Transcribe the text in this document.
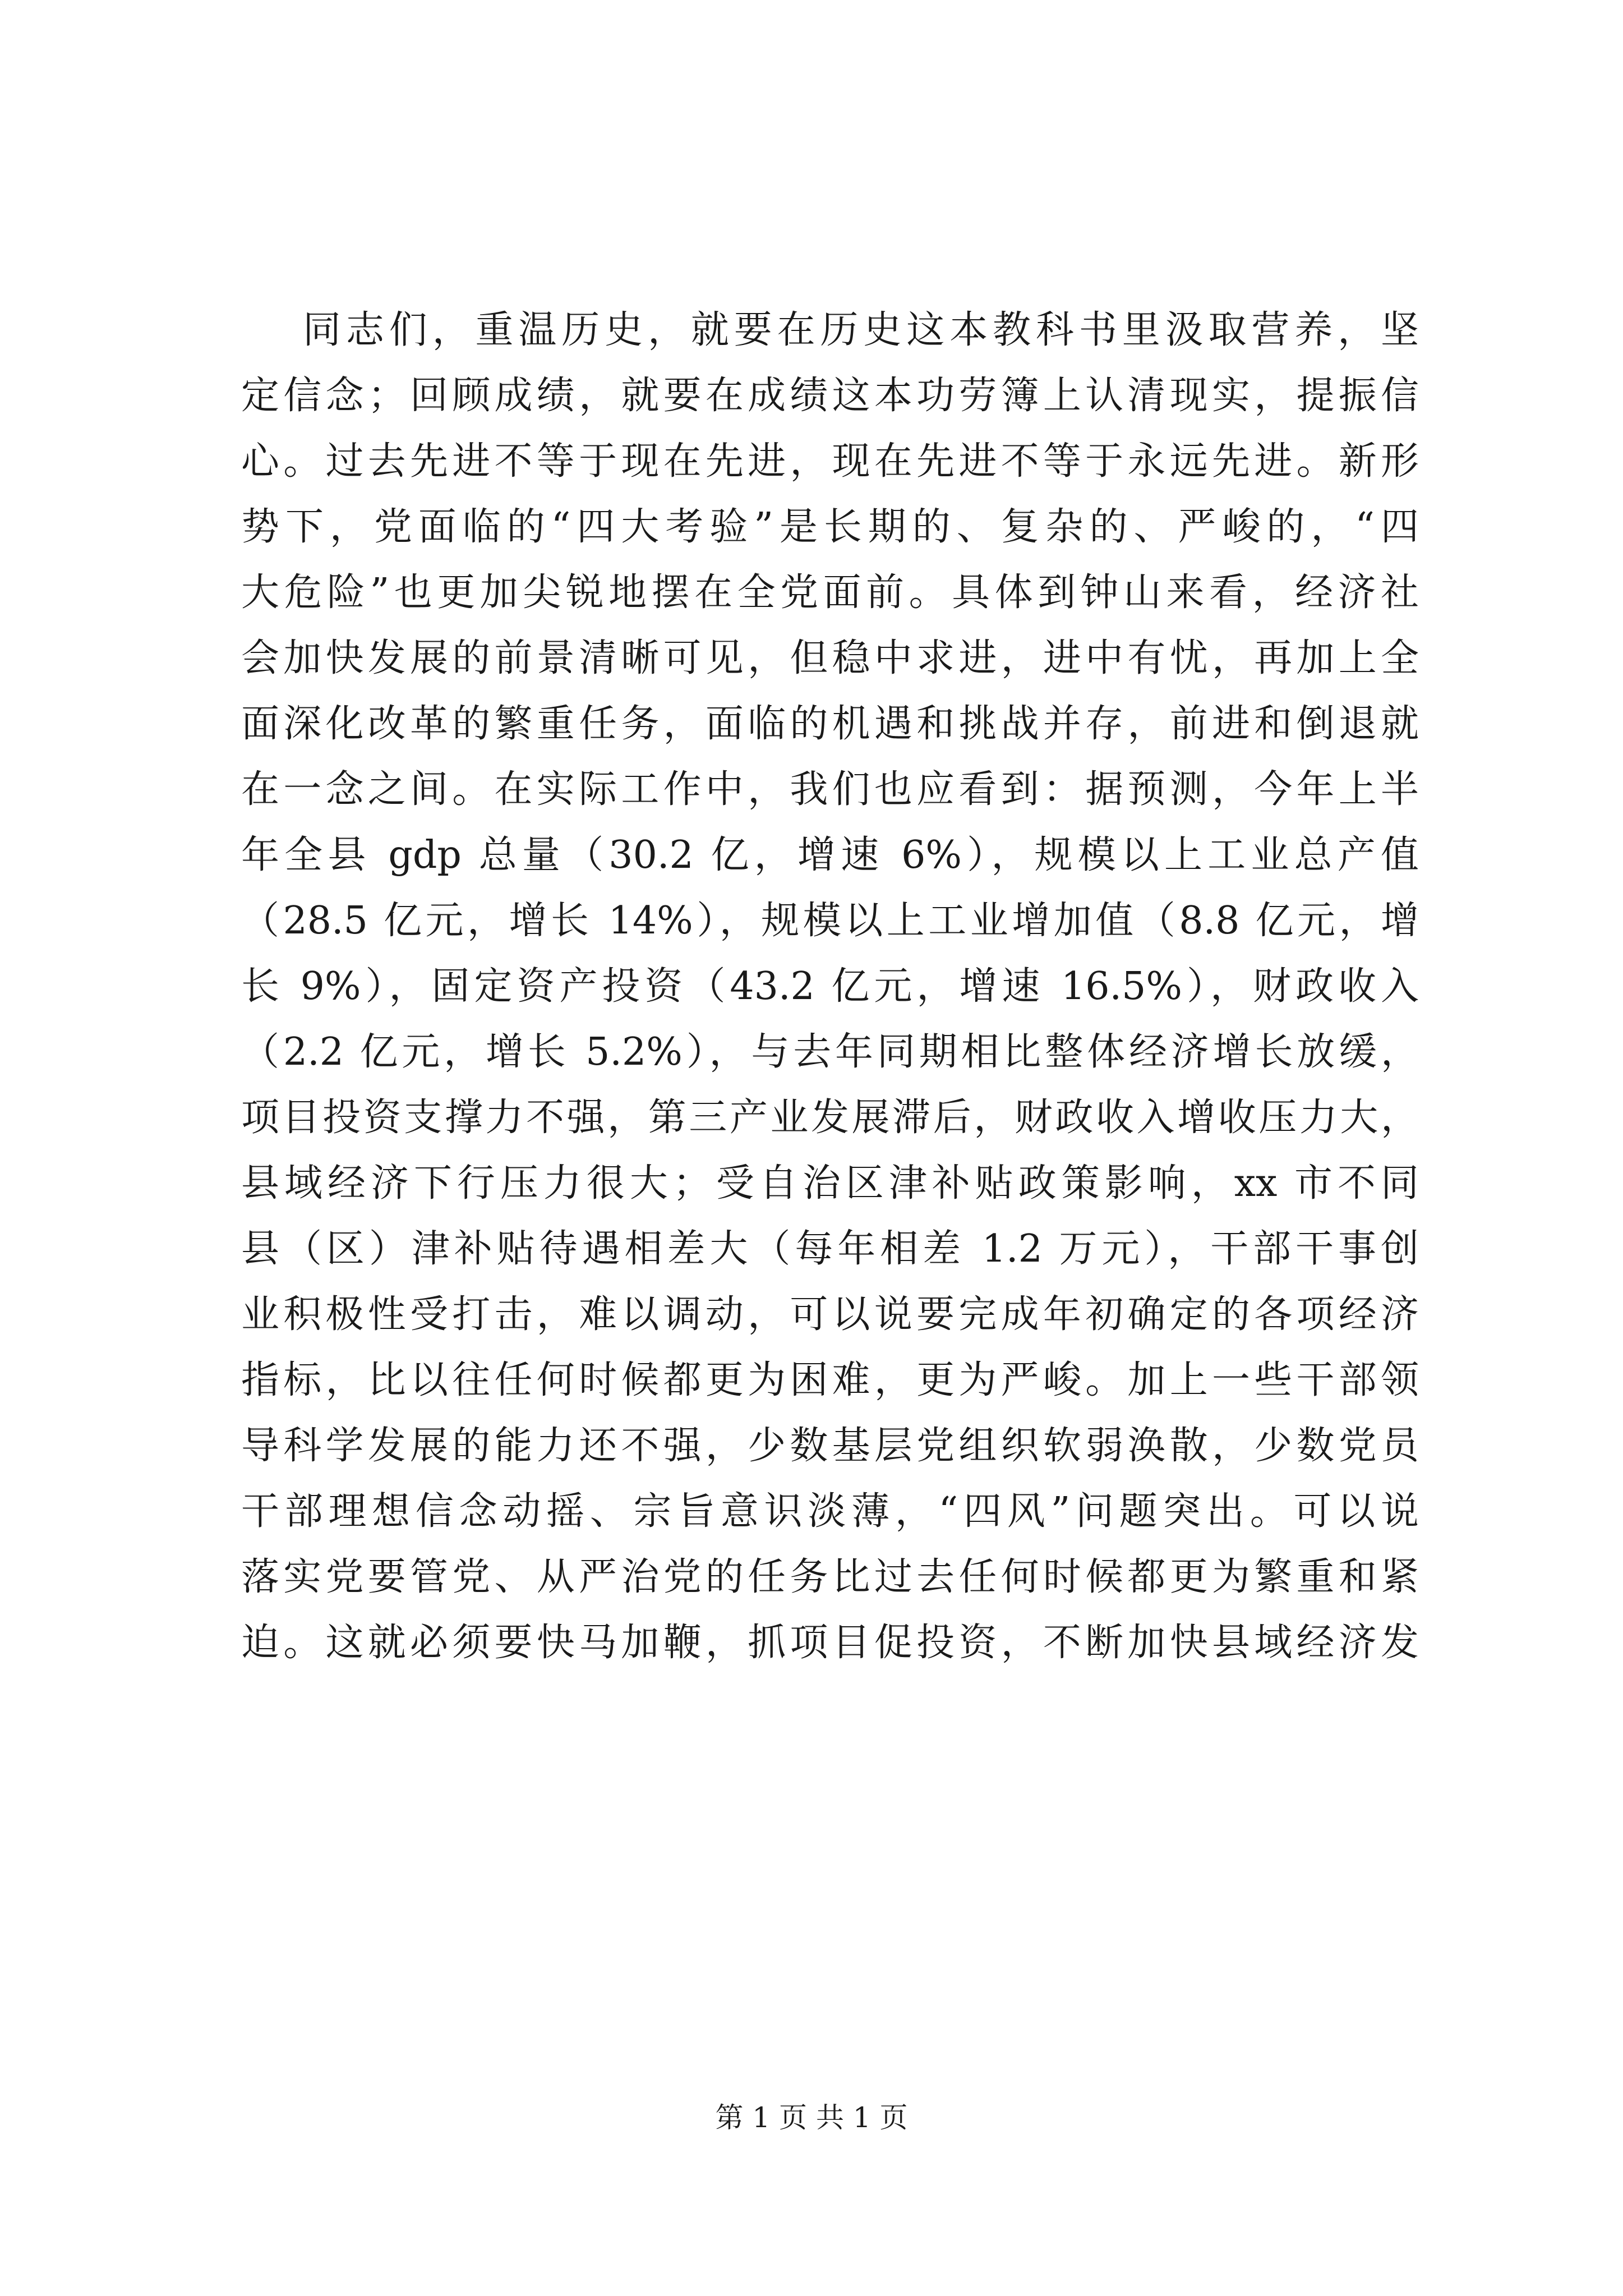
同志们，重温历史，就要在历史这本教科书里汲取营养，坚
定信念；回顾成绩，就要在成绩这本功劳簿上认清现实，提振信
心。过去先进不等于现在先进，现在先进不等于永远先进。新形
势下，党面临的“四大考验”是长期的、复杂的、严峻的，“四
大危险”也更加尖锐地摆在全党面前。具体到钟山来看，经济社
会加快发展的前景清晰可见，但稳中求进，进中有忧，再加上全
面深化改革的繁重任务，面临的机遇和挑战并存，前进和倒退就
在一念之间。在实际工作中，我们也应看到：据预测，今年上半
年全县 gdp 总量（30.2 亿，增速 6%），规模以上工业总产值
（28.5 亿元，增长 14%），规模以上工业增加值（8.8 亿元，增
长 9%），固定资产投资（43.2 亿元，增速 16.5%），财政收入
（2.2 亿元，增长 5.2%），与去年同期相比整体经济增长放缓，
项目投资支撑力不强，第三产业发展滞后，财政收入增收压力大，
县域经济下行压力很大；受自治区津补贴政策影响，xx 市不同
县（区）津补贴待遇相差大（每年相差 1.2 万元），干部干事创
业积极性受打击，难以调动，可以说要完成年初确定的各项经济
指标，比以往任何时候都更为困难，更为严峻。加上一些干部领
导科学发展的能力还不强，少数基层党组织软弱涣散，少数党员
干部理想信念动摇、宗旨意识淡薄，“四风”问题突出。可以说
落实党要管党、从严治党的任务比过去任何时候都更为繁重和紧
迫。这就必须要快马加鞭，抓项目促投资，不断加快县域经济发
第 1 页 共 1 页
